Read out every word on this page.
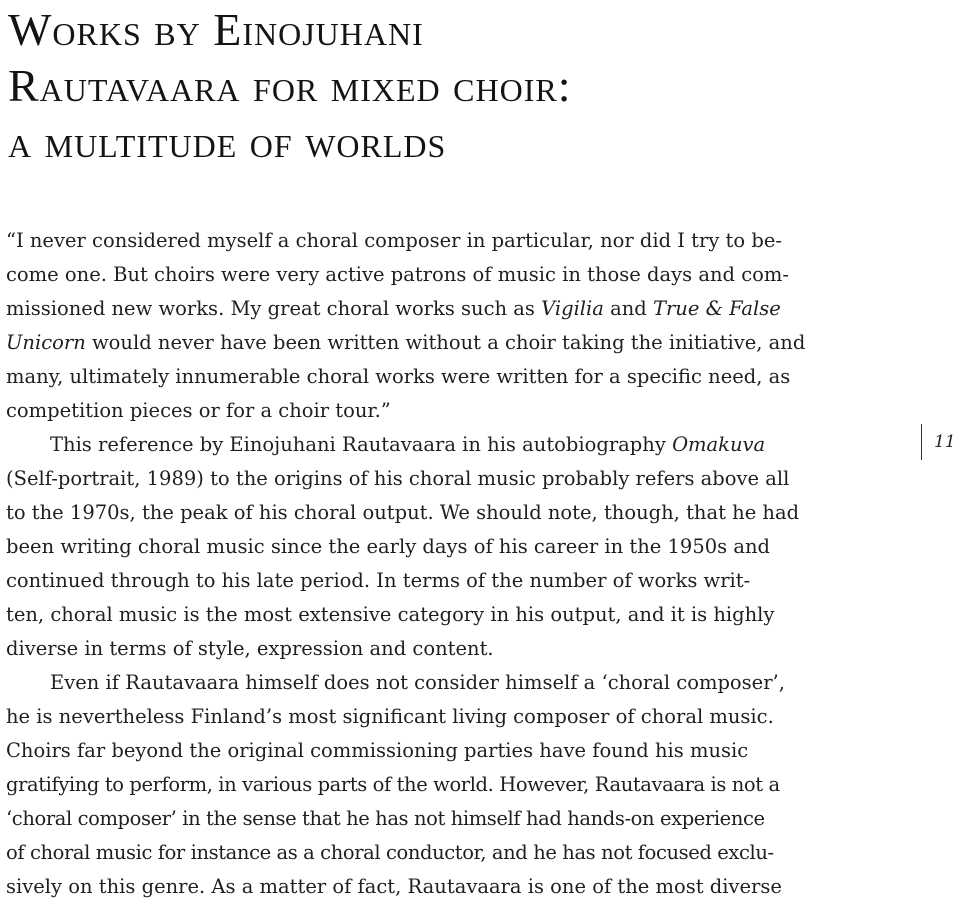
Works by Einojuhani
Rautavaara for mixed choir:
a multitude of worlds
11
“I never considered myself a choral composer in particular, nor did I try to be-
come one. But choirs were very active patrons of music in those days and com-
missioned new works. My great choral works such as Vigilia and True & False
Unicorn would never have been written without a choir taking the initiative, and
many, ultimately innumerable choral works were written for a specific need, as
competition pieces or for a choir tour.”
This reference by Einojuhani Rautavaara in his autobiography Omakuva
(Self-portrait, 1989) to the origins of his choral music probably refers above all
to the 1970s, the peak of his choral output. We should note, though, that he had
been writing choral music since the early days of his career in the 1950s and
continued through to his late period. In terms of the number of works writ-
ten, choral music is the most extensive category in his output, and it is highly
diverse in terms of style, expression and content.
Even if Rautavaara himself does not consider himself a ‘choral composer’,
he is nevertheless Finland’s most significant living composer of choral music.
Choirs far beyond the original commissioning parties have found his music
gratifying to perform, in various parts of the world. However, Rautavaara is not a
‘choral composer’ in the sense that he has not himself had hands-on experience
of choral music for instance as a choral conductor, and he has not focused exclu-
sively on this genre. As a matter of fact, Rautavaara is one of the most diverse
